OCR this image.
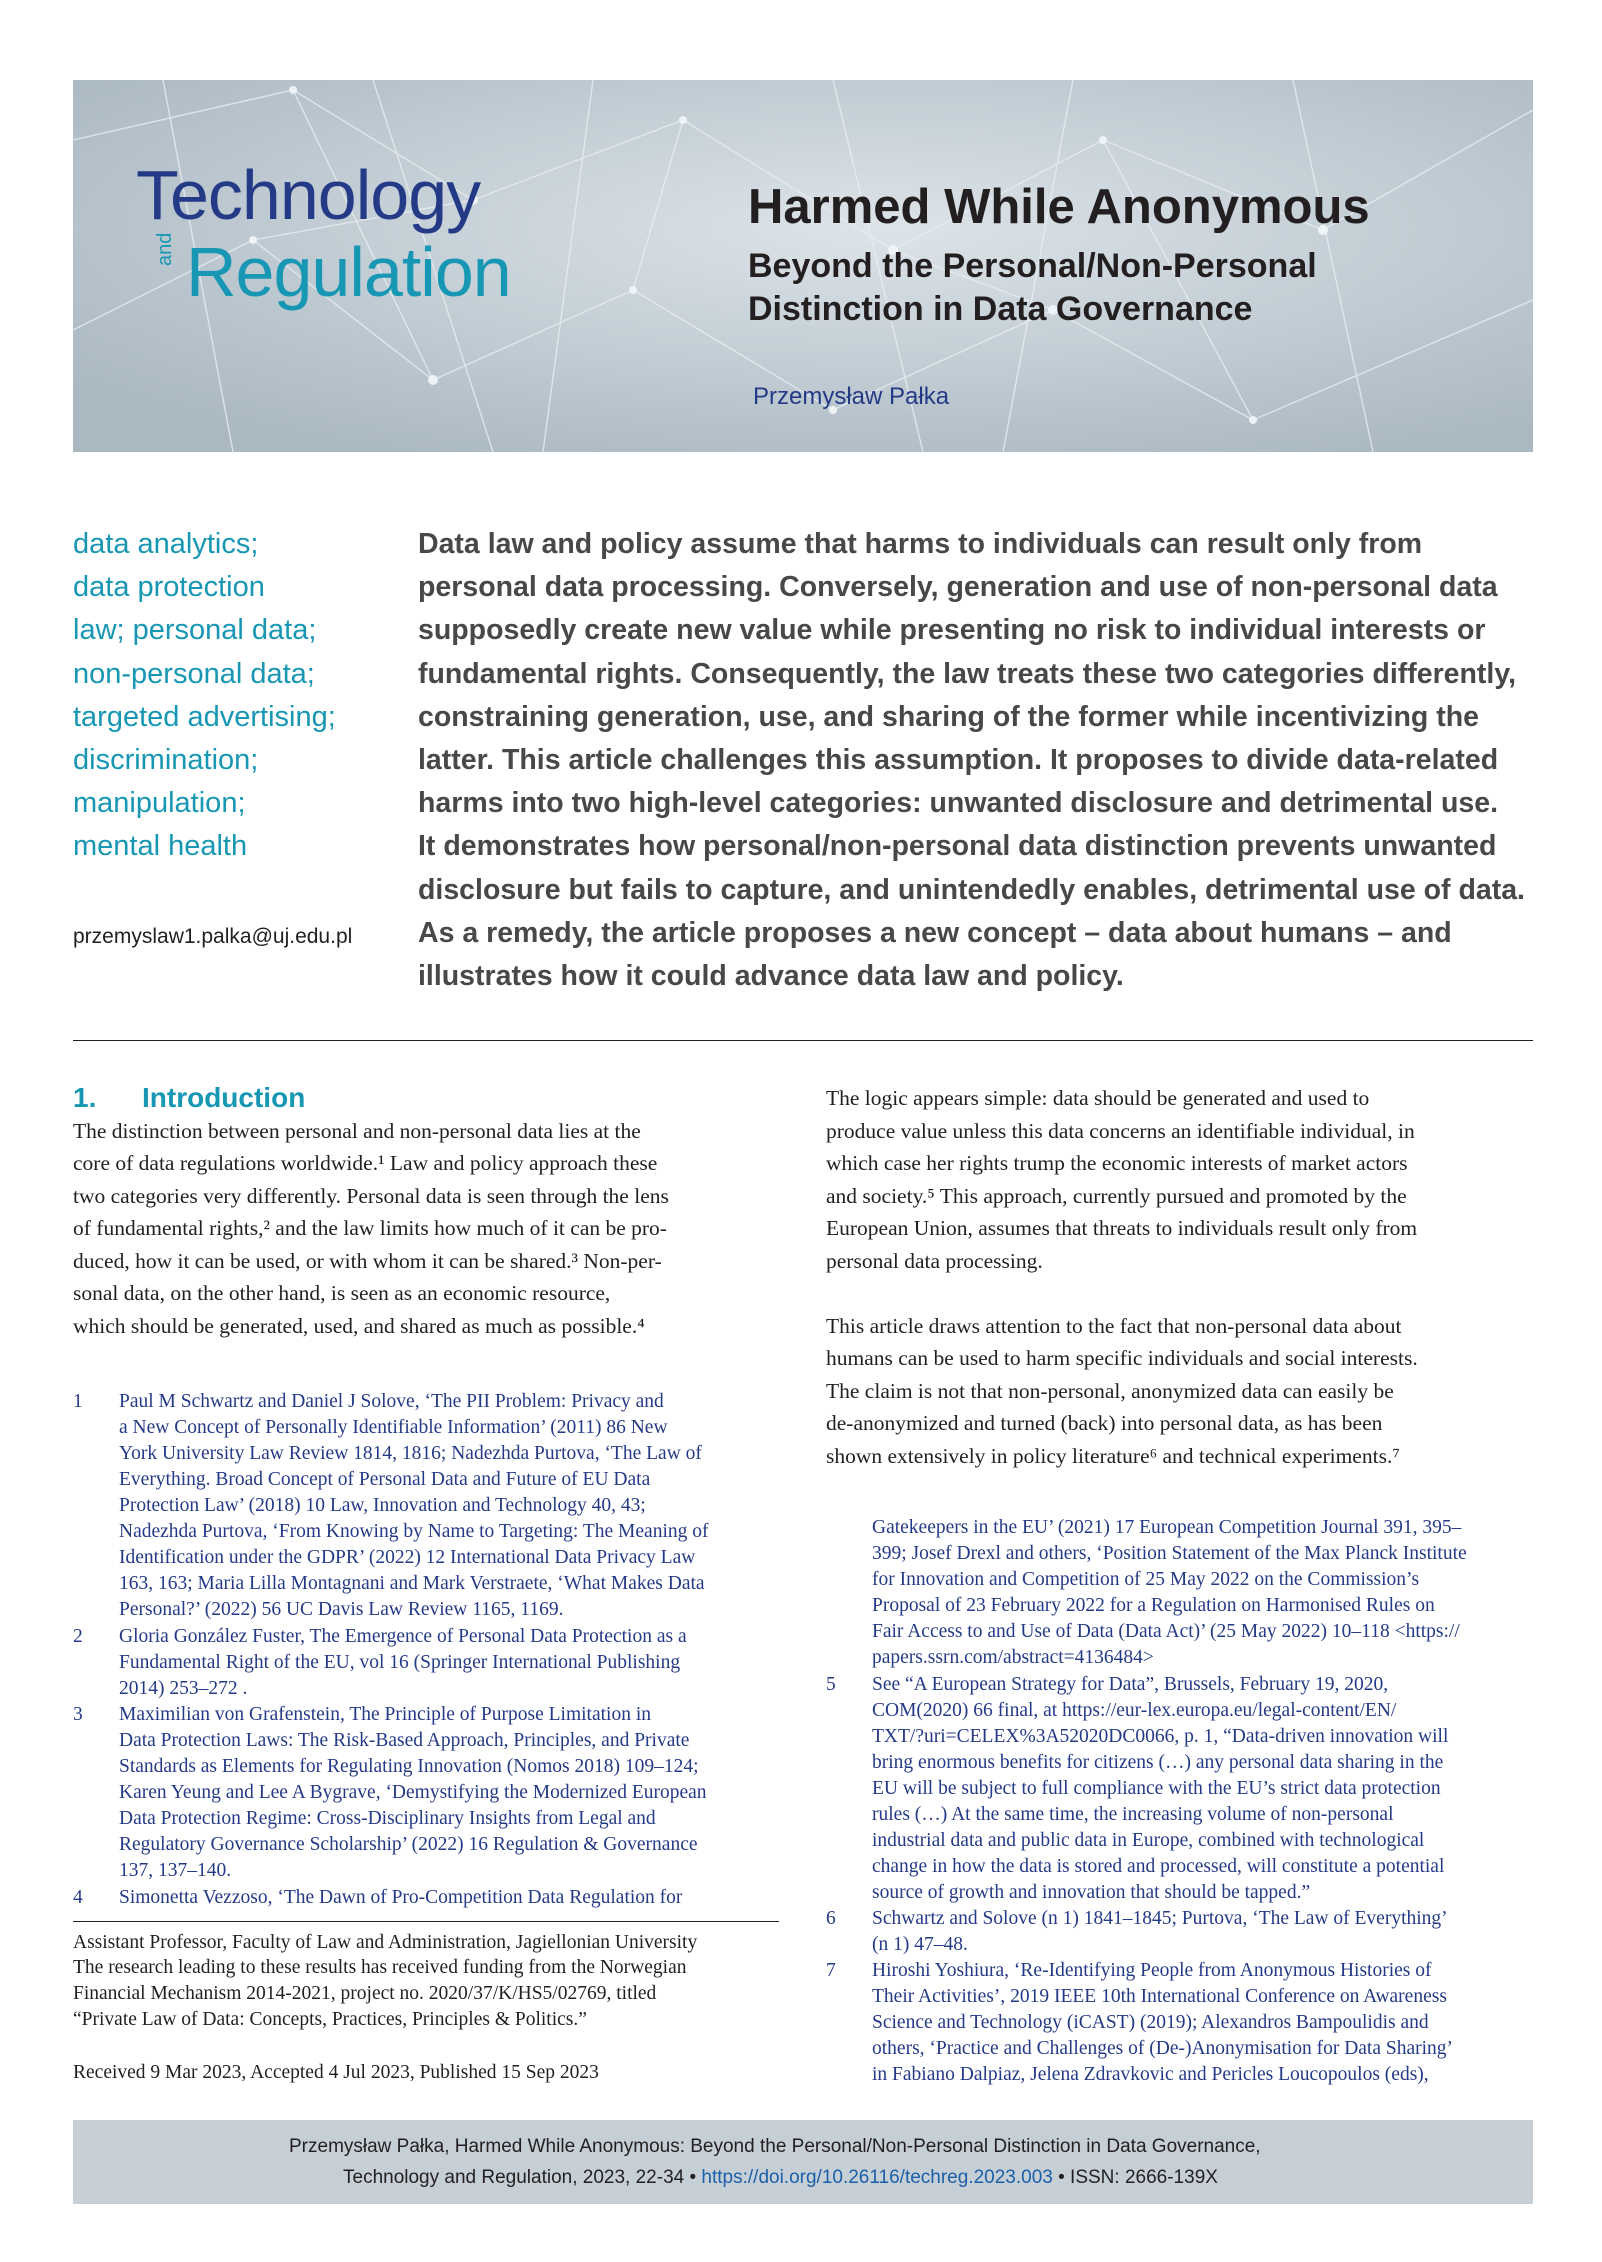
Technology
and Regulation
Harmed While Anonymous
Beyond the Personal/Non-Personal
Distinction in Data Governance
Przemysław Pałka
data analytics;
data protection
law; personal data;
non-personal data;
targeted advertising;
discrimination;
manipulation;
mental health
przemyslaw1.palka@uj.edu.pl
Data law and policy assume that harms to individuals can result only from
personal data processing. Conversely, generation and use of non-personal data
supposedly create new value while presenting no risk to individual interests or
fundamental rights. Consequently, the law treats these two categories differently,
constraining generation, use, and sharing of the former while incentivizing the
latter. This article challenges this assumption. It proposes to divide data-related
harms into two high-level categories: unwanted disclosure and detrimental use.
It demonstrates how personal/non-personal data distinction prevents unwanted
disclosure but fails to capture, and unintendedly enables, detrimental use of data.
As a remedy, the article proposes a new concept – data about humans – and
illustrates how it could advance data law and policy.
1. Introduction
The distinction between personal and non-personal data lies at the
core of data regulations worldwide.¹ Law and policy approach these
two categories very differently. Personal data is seen through the lens
of fundamental rights,² and the law limits how much of it can be pro-
duced, how it can be used, or with whom it can be shared.³ Non-per-
sonal data, on the other hand, is seen as an economic resource,
which should be generated, used, and shared as much as possible.⁴
The logic appears simple: data should be generated and used to
produce value unless this data concerns an identifiable individual, in
which case her rights trump the economic interests of market actors
and society.⁵ This approach, currently pursued and promoted by the
European Union, assumes that threats to individuals result only from
personal data processing.
This article draws attention to the fact that non-personal data about
humans can be used to harm specific individuals and social interests.
The claim is not that non-personal, anonymized data can easily be
de-anonymized and turned (back) into personal data, as has been
shown extensively in policy literature⁶ and technical experiments.⁷
1 Paul M Schwartz and Daniel J Solove, ‘The PII Problem: Privacy and
a New Concept of Personally Identifiable Information’ (2011) 86 New
York University Law Review 1814, 1816; Nadezhda Purtova, ‘The Law of
Everything. Broad Concept of Personal Data and Future of EU Data
Protection Law’ (2018) 10 Law, Innovation and Technology 40, 43;
Nadezhda Purtova, ‘From Knowing by Name to Targeting: The Meaning of
Identification under the GDPR’ (2022) 12 International Data Privacy Law
163, 163; Maria Lilla Montagnani and Mark Verstraete, ‘What Makes Data
Personal?’ (2022) 56 UC Davis Law Review 1165, 1169.
2 Gloria González Fuster, The Emergence of Personal Data Protection as a
Fundamental Right of the EU, vol 16 (Springer International Publishing
2014) 253–272 .
3 Maximilian von Grafenstein, The Principle of Purpose Limitation in
Data Protection Laws: The Risk-Based Approach, Principles, and Private
Standards as Elements for Regulating Innovation (Nomos 2018) 109–124;
Karen Yeung and Lee A Bygrave, ‘Demystifying the Modernized European
Data Protection Regime: Cross-Disciplinary Insights from Legal and
Regulatory Governance Scholarship’ (2022) 16 Regulation & Governance
137, 137–140.
4 Simonetta Vezzoso, ‘The Dawn of Pro-Competition Data Regulation for
Assistant Professor, Faculty of Law and Administration, Jagiellonian University
The research leading to these results has received funding from the Norwegian
Financial Mechanism 2014-2021, project no. 2020/37/K/HS5/02769, titled
“Private Law of Data: Concepts, Practices, Principles & Politics.”
Received 9 Mar 2023, Accepted 4 Jul 2023, Published 15 Sep 2023
Gatekeepers in the EU’ (2021) 17 European Competition Journal 391, 395–
399; Josef Drexl and others, ‘Position Statement of the Max Planck Institute
for Innovation and Competition of 25 May 2022 on the Commission’s
Proposal of 23 February 2022 for a Regulation on Harmonised Rules on
Fair Access to and Use of Data (Data Act)’ (25 May 2022) 10–118 <https://
papers.ssrn.com/abstract=4136484>
5 See “A European Strategy for Data”, Brussels, February 19, 2020,
COM(2020) 66 final, at https://eur-lex.europa.eu/legal-content/EN/
TXT/?uri=CELEX%3A52020DC0066, p. 1, “Data-driven innovation will
bring enormous benefits for citizens (…) any personal data sharing in the
EU will be subject to full compliance with the EU’s strict data protection
rules (…) At the same time, the increasing volume of non-personal
industrial data and public data in Europe, combined with technological
change in how the data is stored and processed, will constitute a potential
source of growth and innovation that should be tapped.”
6 Schwartz and Solove (n 1) 1841–1845; Purtova, ‘The Law of Everything’
(n 1) 47–48.
7 Hiroshi Yoshiura, ‘Re-Identifying People from Anonymous Histories of
Their Activities’, 2019 IEEE 10th International Conference on Awareness
Science and Technology (iCAST) (2019); Alexandros Bampoulidis and
others, ‘Practice and Challenges of (De-)Anonymisation for Data Sharing’
in Fabiano Dalpiaz, Jelena Zdravkovic and Pericles Loucopoulos (eds),
Przemysław Pałka, Harmed While Anonymous: Beyond the Personal/Non-Personal Distinction in Data Governance,
Technology and Regulation, 2023, 22-34 • https://doi.org/10.26116/techreg.2023.003 • ISSN: 2666-139X
